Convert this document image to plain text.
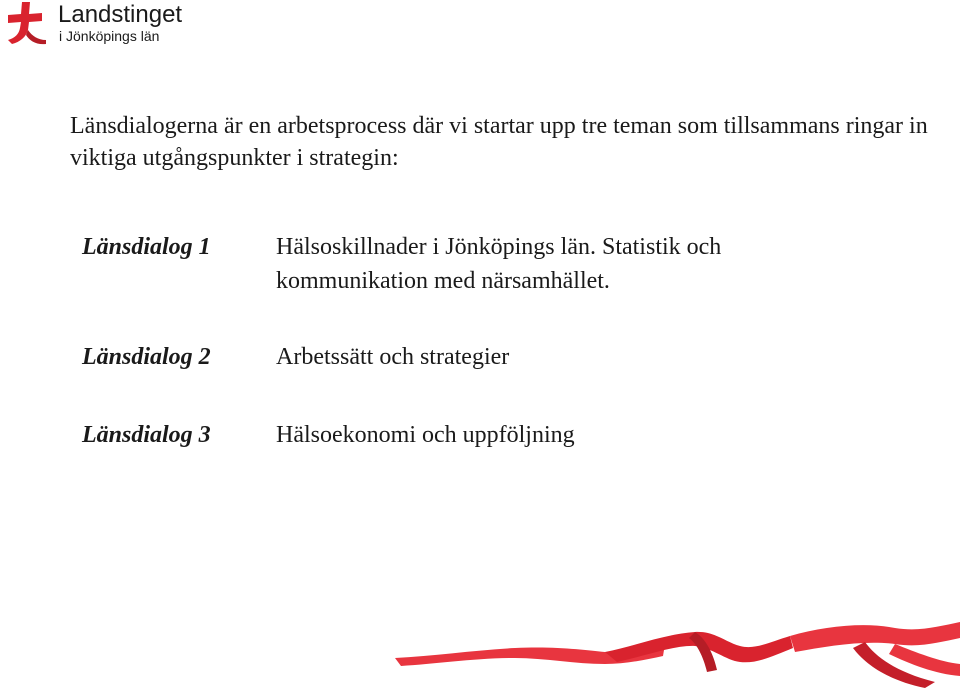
Landstinget
i Jönköpings län

Länsdialogerna är en arbetsprocess där vi startar upp tre teman som tillsammans ringar in viktiga utgångspunkter i strategin:

Länsdialog 1	Hälsoskillnader i Jönköpings län. Statistik och kommunikation med närsamhället.
Länsdialog 2	Arbetssätt och strategier
Länsdialog 3	Hälsoekonomi och uppföljning
